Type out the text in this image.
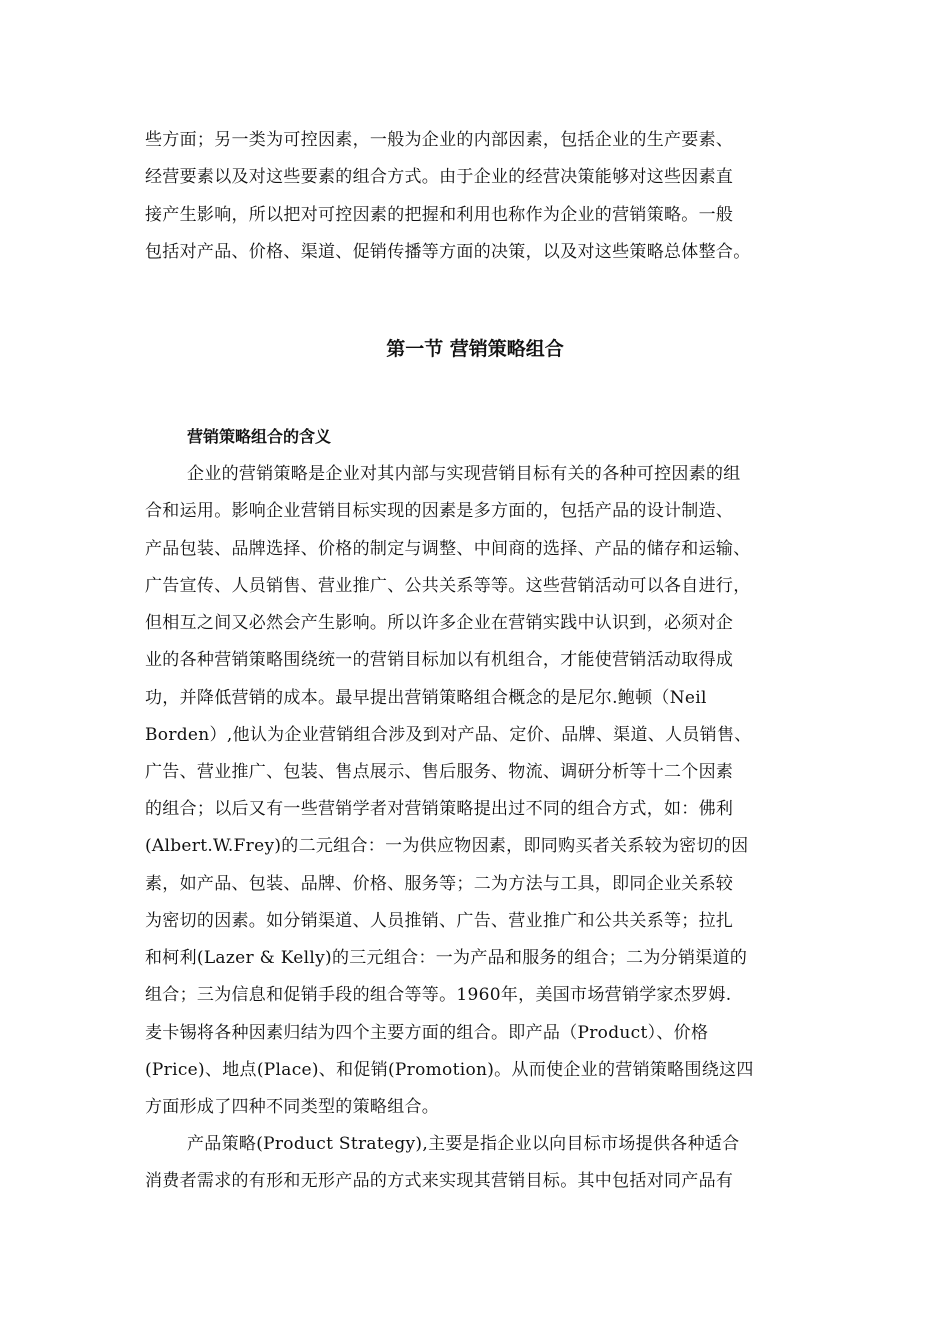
些方面；另一类为可控因素，一般为企业的内部因素，包括企业的生产要素、
经营要素以及对这些要素的组合方式。由于企业的经营决策能够对这些因素直
接产生影响，所以把对可控因素的把握和利用也称作为企业的营销策略。一般
包括对产品、价格、渠道、促销传播等方面的决策，以及对这些策略总体整合。
第一节 营销策略组合
营销策略组合的含义
企业的营销策略是企业对其内部与实现营销目标有关的各种可控因素的组
合和运用。影响企业营销目标实现的因素是多方面的，包括产品的设计制造、
产品包装、品牌选择、价格的制定与调整、中间商的选择、产品的储存和运输、
广告宣传、人员销售、营业推广、公共关系等等。这些营销活动可以各自进行，
但相互之间又必然会产生影响。所以许多企业在营销实践中认识到，必须对企
业的各种营销策略围绕统一的营销目标加以有机组合，才能使营销活动取得成
功，并降低营销的成本。最早提出营销策略组合概念的是尼尔.鲍顿（Neil
Borden）,他认为企业营销组合涉及到对产品、定价、品牌、渠道、人员销售、
广告、营业推广、包装、售点展示、售后服务、物流、调研分析等十二个因素
的组合；以后又有一些营销学者对营销策略提出过不同的组合方式，如：佛利
(Albert.W.Frey)的二元组合：一为供应物因素，即同购买者关系较为密切的因
素，如产品、包装、品牌、价格、服务等；二为方法与工具，即同企业关系较
为密切的因素。如分销渠道、人员推销、广告、营业推广和公共关系等；拉扎
和柯利(Lazer & Kelly)的三元组合：一为产品和服务的组合；二为分销渠道的
组合；三为信息和促销手段的组合等等。1960年，美国市场营销学家杰罗姆.
麦卡锡将各种因素归结为四个主要方面的组合。即产品（Product）、价格
(Price)、地点(Place)、和促销(Promotion)。从而使企业的营销策略围绕这四
方面形成了四种不同类型的策略组合。
产品策略(Product Strategy),主要是指企业以向目标市场提供各种适合
消费者需求的有形和无形产品的方式来实现其营销目标。其中包括对同产品有
